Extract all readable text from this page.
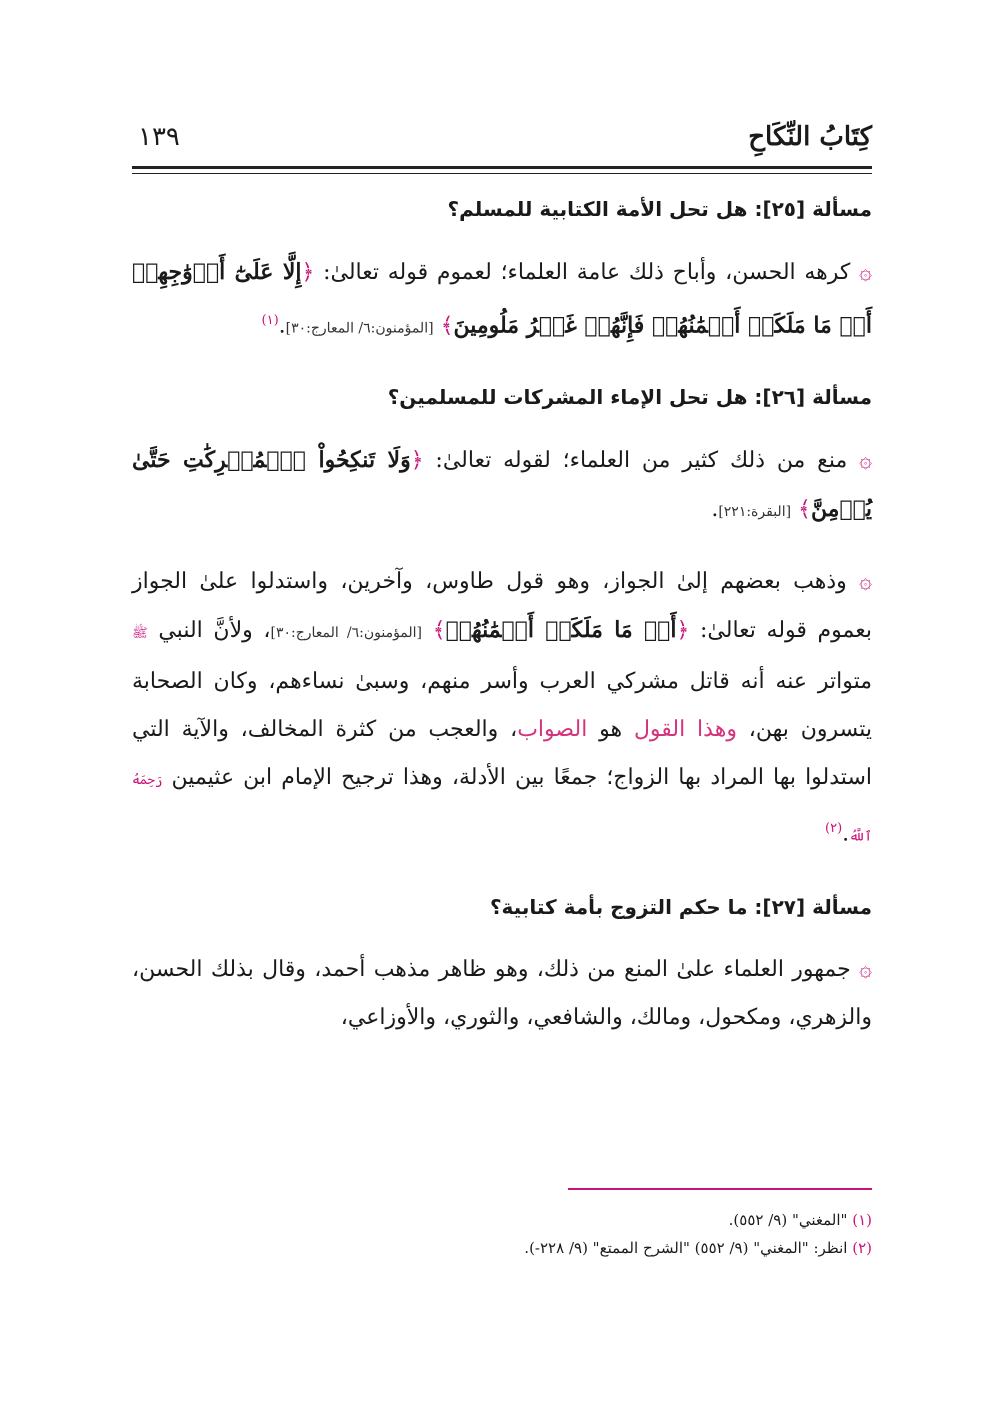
كِتَابُ النِّكَاحِ
١٣٩
مسألة [٢٥]: هل تحل الأمة الكتابية للمسلم؟

۞ كرهه الحسن، وأباح ذلك عامة العلماء؛ لعموم قوله تعالىٰ: ﴿إِلَّا عَلَىٰٓ أَزۡوَٰجِهِمۡ أَوۡ مَا مَلَكَتۡ أَيۡمَٰنُهُمۡ فَإِنَّهُمۡ غَيۡرُ مَلُومِينَ﴾ [المؤمنون:٦/ المعارج:٣٠].$^{(١)}$

مسألة [٢٦]: هل تحل الإماء المشركات للمسلمين؟

۞ منع من ذلك كثير من العلماء؛ لقوله تعالىٰ: ﴿وَلَا تَنكِحُواْ ٱلۡمُشۡرِكَٰتِ حَتَّىٰ يُؤۡمِنَّ﴾ [البقرة:٢٢١].

۞ وذهب بعضهم إلىٰ الجواز، وهو قول طاوس، وآخرين، واستدلوا علىٰ الجواز بعموم قوله تعالىٰ: ﴿أَوۡ مَا مَلَكَتۡ أَيۡمَٰنُهُمۡ﴾ [المؤمنون:٦/ المعارج:٣٠]، ولأنَّ النبي ﷺ متواتر عنه أنه قاتل مشركي العرب وأسر منهم، وسبىٰ نساءهم، وكان الصحابة يتسرون بهن، وهذا القول هو الصواب، والعجب من كثرة المخالف، والآية التي استدلوا بها المراد بها الزواج؛ جمعًا بين الأدلة، وهذا ترجيح الإمام ابن عثيمين رَحِمَهُ ٱللَّهُ.$^{(٢)}$

مسألة [٢٧]: ما حكم التزوج بأمة كتابية؟

۞ جمهور العلماء علىٰ المنع من ذلك، وهو ظاهر مذهب أحمد، وقال بذلك الحسن، والزهري، ومكحول، ومالك، والشافعي، والثوري، والأوزاعي،

(١) "المغني" (٩/ ٥٥٢).

(٢) انظر: "المغني" (٩/ ٥٥٢) "الشرح الممتع" (٩/ ٢٢٨-).
